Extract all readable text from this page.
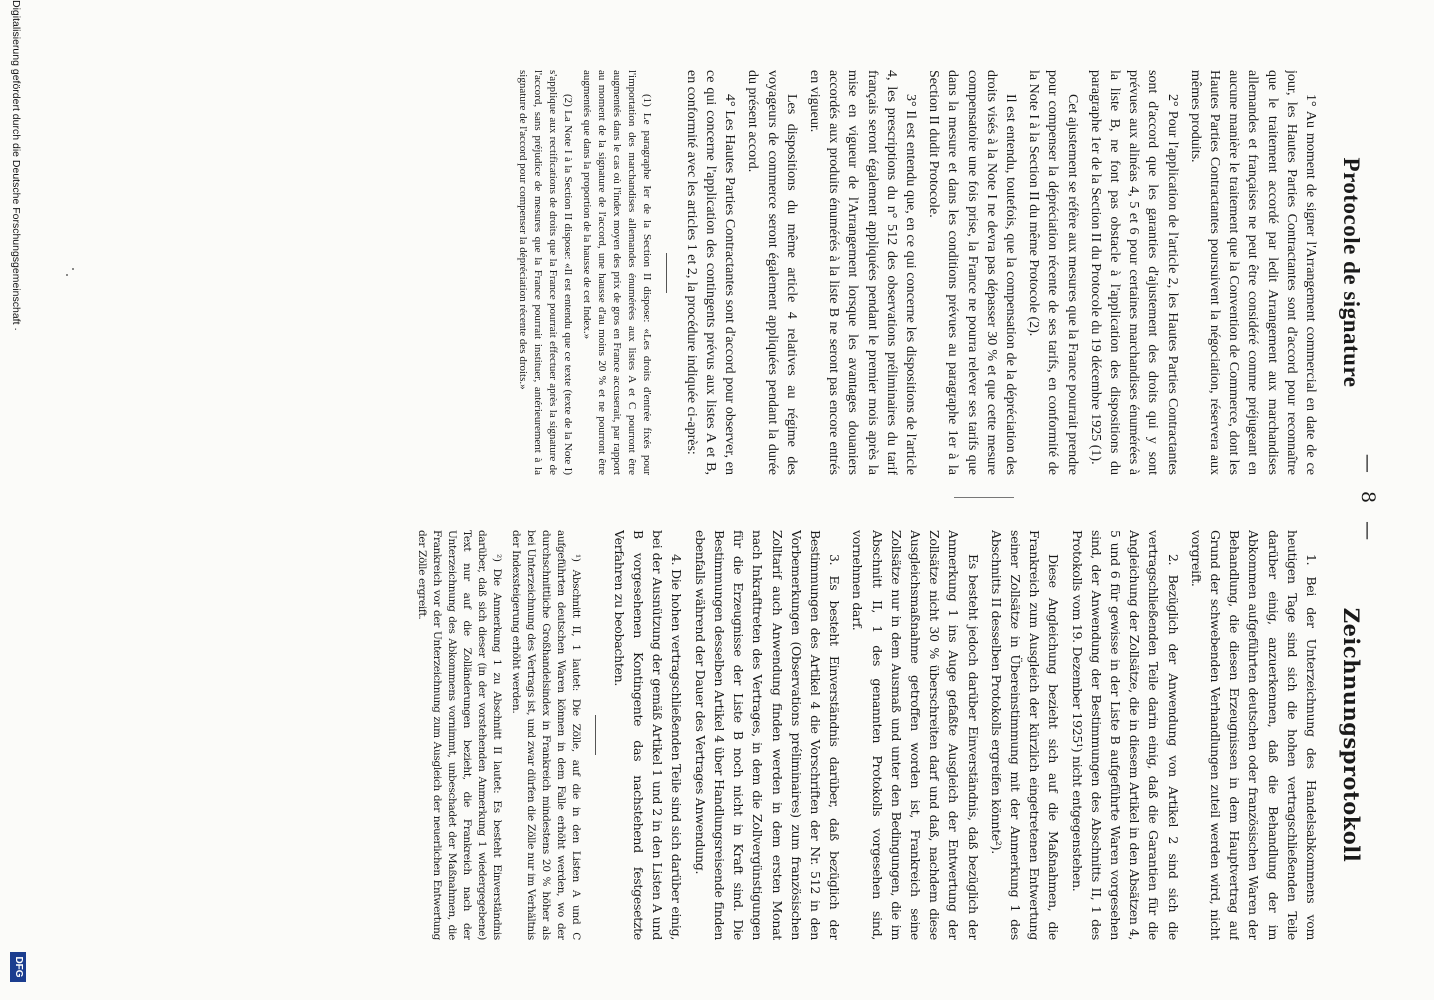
— 8 —
Protocole de signature

1° Au moment de signer l'Arrangement commercial en date de ce jour, les Hautes Parties Contractantes sont d'accord pour reconnaître que le traitement accordé par ledit Arrangement aux marchandises allemandes et françaises ne peut être considéré comme préjugeant en aucune manière le traitement que la Convention de Commerce, dont les Hautes Parties Contractantes poursuivent la négociation, réservera aux mêmes produits.

2° Pour l'application de l'article 2, les Hautes Parties Contractantes sont d'accord que les garanties d'ajustement des droits qui y sont prévues aux alinéas 4, 5 et 6 pour certaines marchandises énumérées à la liste B, ne font pas obstacle à l'application des dispositions du paragraphe 1er de la Section II du Protocole du 19 décembre 1925 (1).

Cet ajustement se réfère aux mesures que la France pourrait prendre pour compenser la dépréciation récente de ses tarifs, en conformité de la Note I à la Section II du même Protocole (2).

Il est entendu, toutefois, que la compensation de la dépréciation des droits visés à la Note I ne devra pas dépasser 30 % et que cette mesure compensatoire une fois prise, la France ne pourra relever ses tarifs que dans la mesure et dans les conditions prévues au paragraphe 1er à la Section II dudit Protocole.

3° Il est entendu que, en ce qui concerne les dispositions de l'article 4, les prescriptions du n° 512 des observations préliminaires du tarif français seront également appliquées pendant le premier mois après la mise en vigueur de l'Arrangement lorsque les avantages douaniers accordés aux produits énumérés à la liste B ne seront pas encore entrés en vigueur.

Les dispositions du même article 4 relatives au régime des voyageurs de commerce seront également appliquées pendant la durée du présent accord.

4° Les Hautes Parties Contractantes sont d'accord pour observer, en ce qui concerne l'application des contingents prévus aux listes A et B, en conformité avec les articles 1 et 2, la procédure indiquée ci-après:

(1) Le paragraphe Ier de la Section II dispose: «Les droits d'entrée fixés pour l'importation des marchandises allemandes énumérées aux listes A et C pourront être augmentés dans le cas où l'index moyen des prix de gros en France accuserait, par rapport au moment de la signature de l'accord, une hausse d'au moins 20 % et ne pourront être augmentés que dans la proportion de la hausse de cet Index.»

(2) La Note I à la Section II dispose: «Il est entendu que ce texte (texte de la Note I) s'applique aux rectifications de droits que la France pourrait effectuer après la signature de l'accord, sans préjudice de mesures que la France pourrait instituer, antérieurement à la signature de l'accord pour compenser la dépréciation récente des droits.»

Zeichnungsprotokoll

1. Bei der Unterzeichnung des Handelsabkommens vom heutigen Tage sind sich die hohen vertragschließenden Teile darüber einig, anzuerkennen, daß die Behandlung der im Abkommen aufgeführten deutschen oder französischen Waren der Behandlung, die diesen Erzeugnissen in dem Hauptvertrag auf Grund der schwebenden Verhandlungen zuteil werden wird, nicht vorgreift.

2. Bezüglich der Anwendung von Artikel 2 sind sich die vertragschließenden Teile darin einig, daß die Garantien für die Angleichung der Zollsätze, die in diesem Artikel in den Absätzen 4, 5 und 6 für gewisse in der Liste B aufgeführte Waren vorgesehen sind, der Anwendung der Bestimmungen des Abschnitts II, 1 des Protokolls vom 19. Dezember 1925¹) nicht entgegenstehen.

Diese Angleichung bezieht sich auf die Maßnahmen, die Frankreich zum Ausgleich der kürzlich eingetretenen Entwertung seiner Zollsätze in Übereinstimmung mit der Anmerkung 1 des Abschnitts II desselben Protokolls ergreifen könnte²).

Es besteht jedoch darüber Einverständnis, daß bezüglich der Anmerkung 1 ins Auge gefaßte Ausgleich der Entwertung der Zollsätze nicht 30 % überschreiten darf und daß, nachdem diese Ausgleichsmaßnahme getroffen worden ist, Frankreich seine Zollsätze nur in dem Ausmaß und unter den Bedingungen, die im Abschnitt II, 1 des genannten Protokolls vorgesehen sind, vornehmen darf.

3. Es besteht Einverständnis darüber, daß bezüglich der Bestimmungen des Artikel 4 die Vorschriften der Nr. 512 in den Vorbemerkungen (Observations préliminaires) zum französischen Zolltarif auch Anwendung finden werden in dem ersten Monat nach Inkrafttreten des Vertrages, in dem die Zollvergünstigungen für die Erzeugnisse der Liste B noch nicht in Kraft sind. Die Bestimmungen desselben Artikel 4 über Handlungsreisende finden ebenfalls während der Dauer des Vertrages Anwendung.

4. Die hohen vertragschließenden Teile sind sich darüber einig, bei der Ausnützung der gemäß Artikel 1 und 2 in den Listen A und B vorgesehenen Kontingente das nachstehend festgesetzte Verfahren zu beobachten.

¹) Abschnitt II, 1 lautet: Die Zölle, auf die in den Listen A und C aufgeführten deutschen Waren können in dem Falle erhöht werden, wo der durchschnittliche Großhandelsindex in Frankreich mindestens 20 % höher als bei Unterzeichnung des Vertrags ist, und zwar dürfen die Zölle nur im Verhältnis der Indexsteigerung erhöht werden.

²) Die Anmerkung 1 zu Abschnitt II lautet: Es besteht Einverständnis darüber, daß sich dieser (in der vorstehenden Anmerkung 1 wiedergegebene) Text nur auf die Zolländerungen bezieht, die Frankreich nach der Unterzeichnung des Abkommens vornimmt, unbeschadet der Maßnahmen, die Frankreich vor der Unterzeichnung zum Ausgleich der neuerlichen Entwertung der Zölle ergreift.

Digitalisierung gefördert durch die Deutsche Forschungsgemeinschaft ·
DFG
